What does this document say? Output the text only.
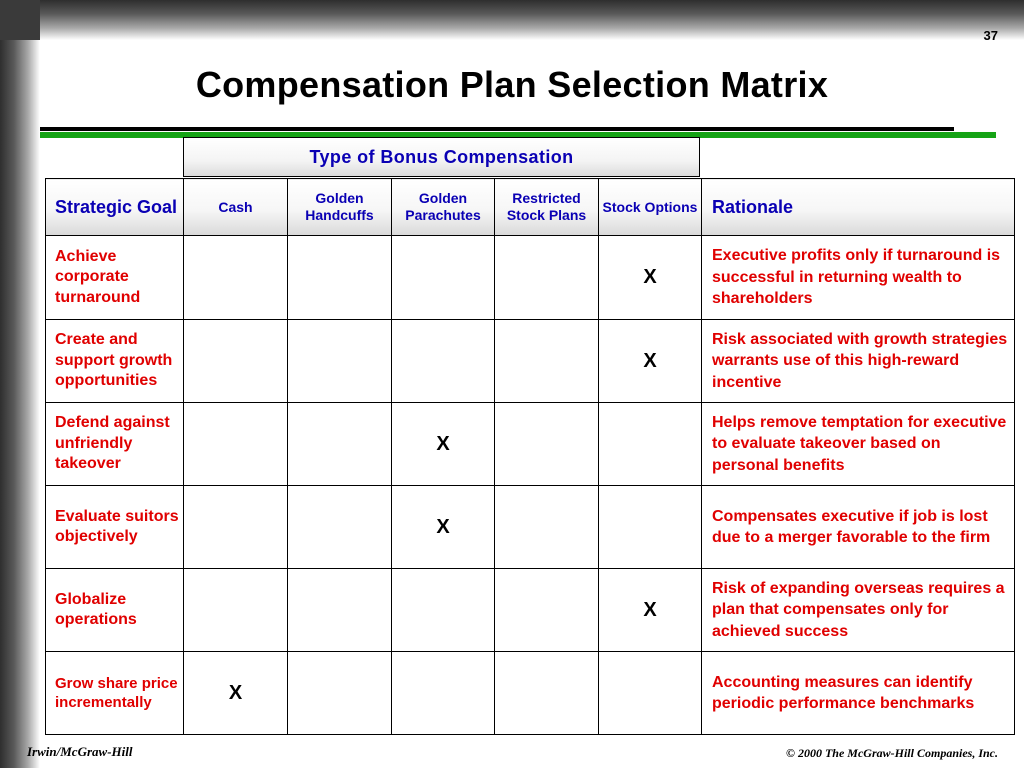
37
Compensation Plan Selection Matrix
Type of Bonus Compensation
Strategic Goal	Cash	Golden Handcuffs	Golden Parachutes	Restricted Stock Plans	Stock Options	Rationale
Achieve corporate turnaround					X	Executive profits only if turnaround is successful in returning wealth to shareholders
Create and support growth opportunities					X	Risk associated with growth strategies warrants use of this high-reward incentive
Defend against unfriendly takeover			X			Helps remove temptation for executive to evaluate takeover based on personal benefits
Evaluate suitors objectively			X			Compensates executive if job is lost due to a merger favorable to the firm
Globalize operations					X	Risk of expanding overseas requires a plan that compensates only for achieved success
Grow share price incrementally	X					Accounting measures can identify periodic performance benchmarks
Irwin/McGraw-Hill	© 2000 The McGraw-Hill Companies, Inc.
